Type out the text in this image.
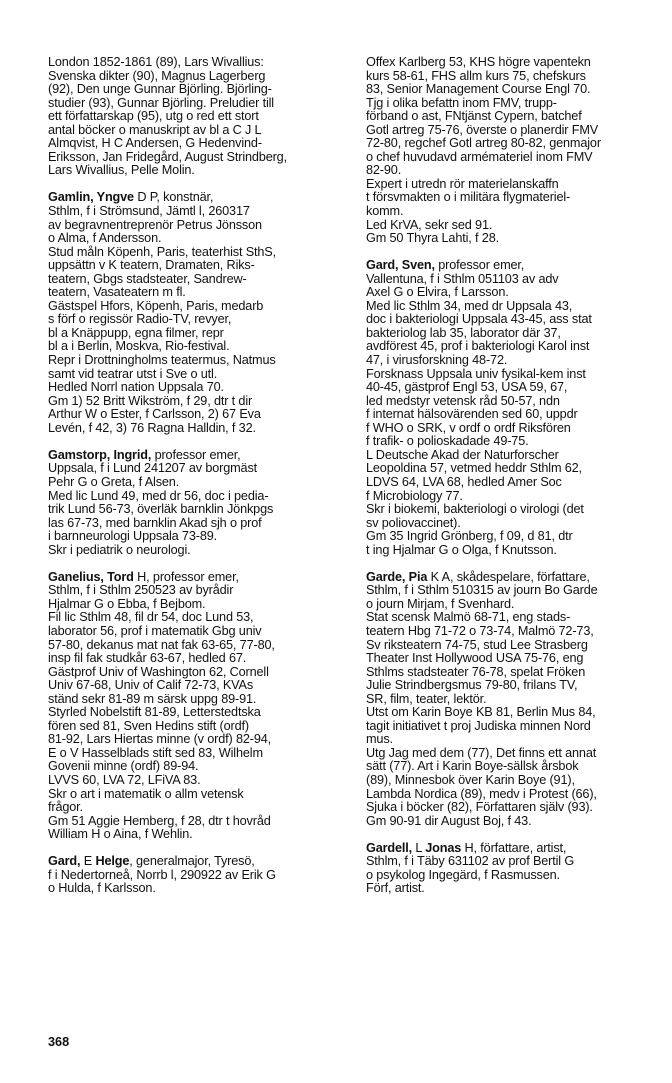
London 1852-1861 (89), Lars Wivallius:
Svenska dikter (90), Magnus Lagerberg
(92), Den unge Gunnar Björling. Björling-
studier (93), Gunnar Björling. Preludier till
ett författarskap (95), utg o red ett stort
antal böcker o manuskript av bl a C J L
Almqvist, H C Andersen, G Hedenvind-
Eriksson, Jan Fridegård, August Strindberg,
Lars Wivallius, Pelle Molin.
Gamlin, Yngve D P, konstnär,
Sthlm, f i Strömsund, Jämtl l, 260317
av begravnentreprenör Petrus Jönsson
o Alma, f Andersson.
Stud måln Köpenh, Paris, teaterhist SthS,
uppsättn v K teatern, Dramaten, Riks-
teatern, Gbgs stadsteater, Sandrew-
teatern, Vasateatern m fl.
Gästspel Hfors, Köpenh, Paris, medarb
s förf o regissör Radio-TV, revyer,
bl a Knäppupp, egna filmer, repr
bl a i Berlin, Moskva, Rio-festival.
Repr i Drottningholms teatermus, Natmus
samt vid teatrar utst i Sve o utl.
Hedled Norrl nation Uppsala 70.
Gm 1) 52 Britt Wikström, f 29, dtr t dir
Arthur W o Ester, f Carlsson, 2) 67 Eva
Levén, f 42, 3) 76 Ragna Halldin, f 32.
Gamstorp, Ingrid, professor emer,
Uppsala, f i Lund 241207 av borgmäst
Pehr G o Greta, f Alsen.
Med lic Lund 49, med dr 56, doc i pedia-
trik Lund 56-73, överläk barnklin Jönkpgs
las 67-73, med barnklin Akad sjh o prof
i barnneurologi Uppsala 73-89.
Skr i pediatrik o neurologi.
Ganelius, Tord H, professor emer,
Sthlm, f i Sthlm 250523 av byrådir
Hjalmar G o Ebba, f Bejbom.
Fil lic Sthlm 48, fil dr 54, doc Lund 53,
laborator 56, prof i matematik Gbg univ
57-80, dekanus mat nat fak 63-65, 77-80,
insp fil fak studkår 63-67, hedled 67.
Gästprof Univ of Washington 62, Cornell
Univ 67-68, Univ of Calif 72-73, KVAs
ständ sekr 81-89 m särsk uppg 89-91.
Styrled Nobelstift 81-89, Letterstedtska
fören sed 81, Sven Hedins stift (ordf)
81-92, Lars Hiertas minne (v ordf) 82-94,
E o V Hasselblads stift sed 83, Wilhelm
Govenii minne (ordf) 89-94.
LVVS 60, LVA 72, LFiVA 83.
Skr o art i matematik o allm vetensk
frågor.
Gm 51 Aggie Hemberg, f 28, dtr t hovråd
William H o Aina, f Wehlin.
Gard, E Helge, generalmajor, Tyresö,
f i Nedertorneå, Norrb l, 290922 av Erik G
o Hulda, f Karlsson.
Offex Karlberg 53, KHS högre vapentekn
kurs 58-61, FHS allm kurs 75, chefskurs
83, Senior Management Course Engl 70.
Tjg i olika befattn inom FMV, trupp-
förband o ast, FNtjänst Cypern, batchef
Gotl artreg 75-76, överste o planerdir FMV
72-80, regchef Gotl artreg 80-82, genmajor
o chef huvudavd armémateriel inom FMV
82-90.
Expert i utredn rör materielanskaffn
t försvmakten o i militära flygmateriel-
komm.
Led KrVA, sekr sed 91.
Gm 50 Thyra Lahti, f 28.
Gard, Sven, professor emer,
Vallentuna, f i Sthlm 051103 av adv
Axel G o Elvira, f Larsson.
Med lic Sthlm 34, med dr Uppsala 43,
doc i bakteriologi Uppsala 43-45, ass stat
bakteriolog lab 35, laborator där 37,
avdförest 45, prof i bakteriologi Karol inst
47, i virusforskning 48-72.
Forsknass Uppsala univ fysikal-kem inst
40-45, gästprof Engl 53, USA 59, 67,
led medstyr vetensk råd 50-57, ndn
f internat hälsovärenden sed 60, uppdr
f WHO o SRK, v ordf o ordf Riksfören
f trafik- o polioskadade 49-75.
L Deutsche Akad der Naturforscher
Leopoldina 57, vetmed heddr Sthlm 62,
LDVS 64, LVA 68, hedled Amer Soc
f Microbiology 77.
Skr i biokemi, bakteriologi o virologi (det
sv poliovaccinet).
Gm 35 Ingrid Grönberg, f 09, d 81, dtr
t ing Hjalmar G o Olga, f Knutsson.
Garde, Pia K A, skådespelare, författare,
Sthlm, f i Sthlm 510315 av journ Bo Garde
o journ Mirjam, f Svenhard.
Stat scensk Malmö 68-71, eng stads-
teatern Hbg 71-72 o 73-74, Malmö 72-73,
Sv riksteatern 74-75, stud Lee Strasberg
Theater Inst Hollywood USA 75-76, eng
Sthlms stadsteater 76-78, spelat Fröken
Julie Strindbergsmus 79-80, frilans TV,
SR, film, teater, lektör.
Utst om Karin Boye KB 81, Berlin Mus 84,
tagit initiativet t proj Judiska minnen Nord
mus.
Utg Jag med dem (77), Det finns ett annat
sätt (77). Art i Karin Boye-sällsk årsbok
(89), Minnesbok över Karin Boye (91),
Lambda Nordica (89), medv i Protest (66),
Sjuka i böcker (82), Författaren själv (93).
Gm 90-91 dir August Boj, f 43.
Gardell, L Jonas H, författare, artist,
Sthlm, f i Täby 631102 av prof Bertil G
o psykolog Ingegärd, f Rasmussen.
Förf, artist.
368
